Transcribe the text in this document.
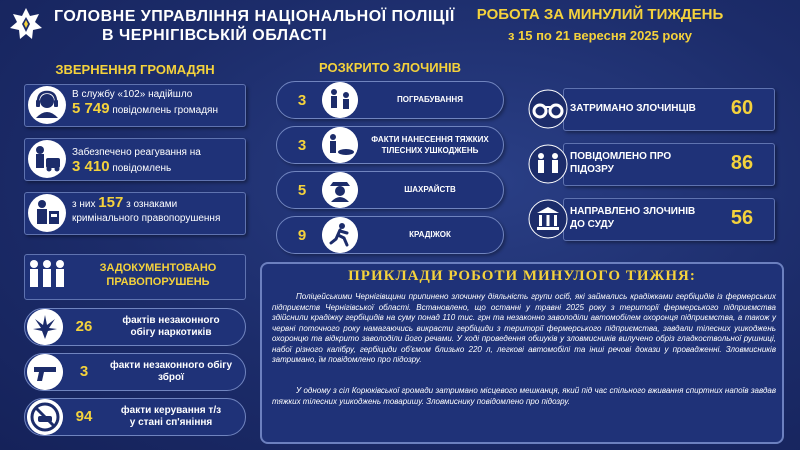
ГОЛОВНЕ УПРАВЛІННЯ НАЦІОНАЛЬНОЇ ПОЛІЦІЇ
В ЧЕРНІГІВСЬКІЙ ОБЛАСТІ
РОБОТА ЗА МИНУЛИЙ ТИЖДЕНЬ
з 15 по 21 вересня 2025 року
ЗВЕРНЕННЯ ГРОМАДЯН
В службу «102» надійшло
5 749 повідомлень громадян
Забезпечено реагування на
3 410 повідомлень
з них 157 з ознаками
кримінального правопорушення
ЗАДОКУМЕНТОВАНО
ПРАВОПОРУШЕНЬ
26	фактів незаконного
обігу наркотиків
3	факти незаконного обігу
зброї
94	факти керування т/з
у стані сп'яніння
РОЗКРИТО ЗЛОЧИНІВ
3	ПОГРАБУВАННЯ
3	ФАКТИ НАНЕСЕННЯ ТЯЖКИХ
ТІЛЕСНИХ УШКОДЖЕНЬ
5	ШАХРАЙСТВ
9	КРАДІЖОК
ЗАТРИМАНО ЗЛОЧИНЦІВ	60
ПОВІДОМЛЕНО ПРО
ПІДОЗРУ	86
НАПРАВЛЕНО ЗЛОЧИНІВ
ДО СУДУ	56
ПРИКЛАДИ РОБОТИ МИНУЛОГО ТИЖНЯ:
Поліцейськими Чернігівщини припинено злочинну діяльність групи осіб, які займались крадіжками гербіцидів із фермерських підприємств Чернігівської області. Встановлено, що останні у травні 2025 року з території фермерського підприємства здійснили крадіжку гербіцидів на суму понад 110 тис. грн та незаконно заволоділи автомобілем охоронця підприємства, а також у червні поточного року намагаючись викрасти гербіциди з території фермерського підприємства, завдали тілесних ушкоджень охоронцю та відкрито заволоділи його речами. У ході проведення обшуків у зловмисників вилучено обріз гладкоствольної рушниці, набої різного калібру, гербіциди об'ємом близько 220 л, легкові автомобілі та інші речові докази у провадженні. Зловмисників затримано, їм повідомлено про підозру.
У одному з сіл Корюківської громади затримано місцевого мешканця, який під час спільного вживання спиртних напоїв завдав тяжких тілесних ушкоджень товаришу. Зловмиснику повідомлено про підозру.
